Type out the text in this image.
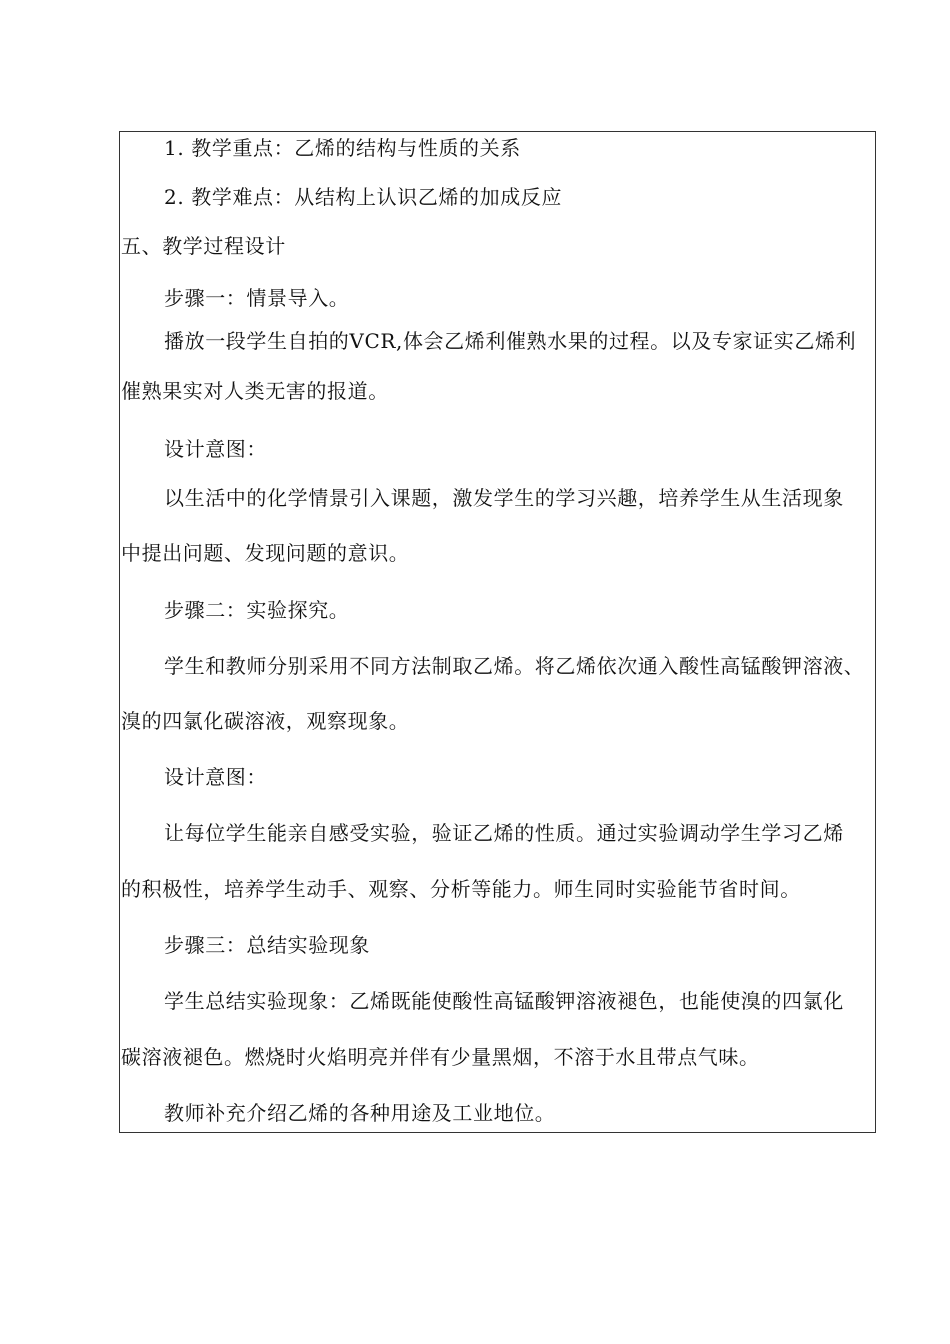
1. 教学重点：乙烯的结构与性质的关系
2. 教学难点：从结构上认识乙烯的加成反应
五、教学过程设计
步骤一：情景导入。
播放一段学生自拍的VCR,体会乙烯利催熟水果的过程。以及专家证实乙烯利
催熟果实对人类无害的报道。
设计意图：
以生活中的化学情景引入课题，激发学生的学习兴趣，培养学生从生活现象
中提出问题、发现问题的意识。
步骤二：实验探究。
学生和教师分别采用不同方法制取乙烯。将乙烯依次通入酸性高锰酸钾溶液、
溴的四氯化碳溶液，观察现象。
设计意图：
让每位学生能亲自感受实验，验证乙烯的性质。通过实验调动学生学习乙烯
的积极性，培养学生动手、观察、分析等能力。师生同时实验能节省时间。
步骤三：总结实验现象
学生总结实验现象：乙烯既能使酸性高锰酸钾溶液褪色，也能使溴的四氯化
碳溶液褪色。燃烧时火焰明亮并伴有少量黑烟，不溶于水且带点气味。
教师补充介绍乙烯的各种用途及工业地位。
